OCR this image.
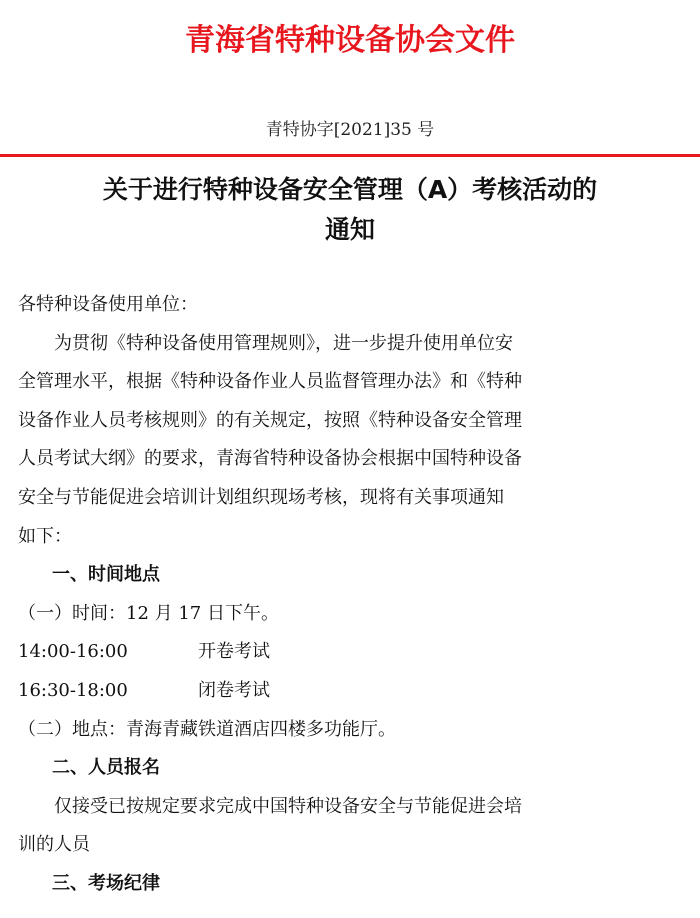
青海省特种设备协会文件
青特协字[2021]35 号
关于进行特种设备安全管理（A）考核活动的
通知
各特种设备使用单位：
为贯彻《特种设备使用管理规则》，进一步提升使用单位安
全管理水平，根据《特种设备作业人员监督管理办法》和《特种
设备作业人员考核规则》的有关规定，按照《特种设备安全管理
人员考试大纲》的要求，青海省特种设备协会根据中国特种设备
安全与节能促进会培训计划组织现场考核，现将有关事项通知
如下：
一、时间地点
（一）时间：12 月 17 日下午。
14:00-16:00	开卷考试
16:30-18:00	闭卷考试
（二）地点：青海青藏铁道酒店四楼多功能厅。
二、人员报名
仅接受已按规定要求完成中国特种设备安全与节能促进会培
训的人员
三、考场纪律
